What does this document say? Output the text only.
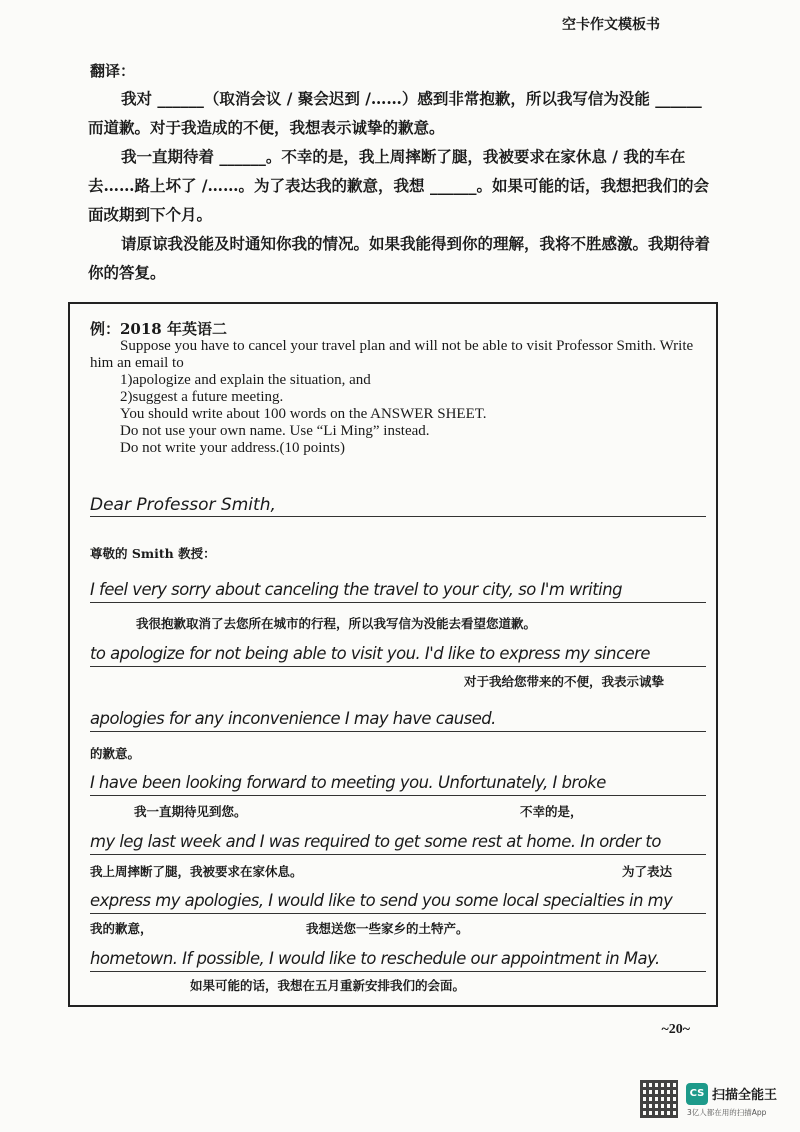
空卡作文模板书
翻译：

我对 ______（取消会议 / 聚会迟到 /……）感到非常抱歉，所以我写信为没能 ______ 而道歉。对于我造成的不便，我想表示诚挚的歉意。

我一直期待着 ______。不幸的是，我上周摔断了腿，我被要求在家休息 / 我的车在去……路上坏了 /……。为了表达我的歉意，我想 ______。如果可能的话，我想把我们的会面改期到下个月。

请原谅我没能及时通知你我的情况。如果我能得到你的理解，我将不胜感激。我期待着你的答复。

例：2018 年英语二
Suppose you have to cancel your travel plan and will not be able to visit Professor Smith. Write him an email to
1)apologize and explain the situation, and
2)suggest a future meeting.
You should write about 100 words on the ANSWER SHEET.
Do not use your own name. Use “Li Ming” instead.
Do not write your address.(10 points)
Dear Professor Smith,
尊敬的 Smith 教授：
I feel very sorry about canceling the travel to your city, so I'm writing
我很抱歉取消了去您所在城市的行程，所以我写信为没能去看望您道歉。
to apologize for not being able to visit you. I'd like to express my sincere
对于我给您带来的不便，我表示诚挚
apologies for any inconvenience I may have caused.
的歉意。
I have been looking forward to meeting you. Unfortunately, I broke
我一直期待见到您。	不幸的是，
my leg last week and I was required to get some rest at home. In order to
我上周摔断了腿，我被要求在家休息。	为了表达
express my apologies, I would like to send you some local specialties in my
我的歉意，	我想送您一些家乡的土特产。
hometown. If possible, I would like to reschedule our appointment in May.
如果可能的话，我想在五月重新安排我们的会面。
~20~
CS 扫描全能王
3亿人都在用的扫描App
